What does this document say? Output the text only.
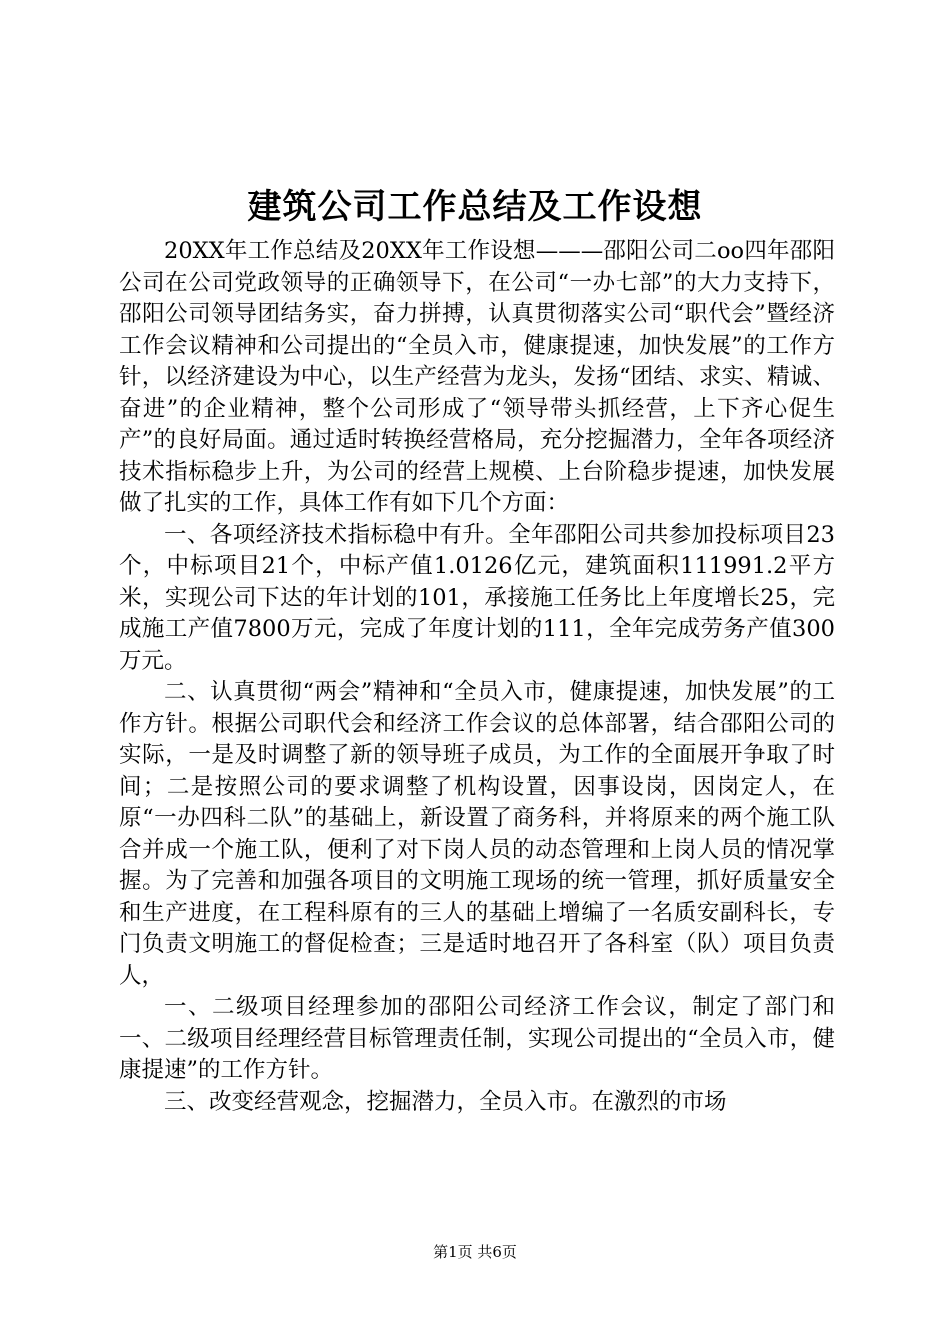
建筑公司工作总结及工作设想

20XX年工作总结及20XX年工作设想———邵阳公司二oo四年邵阳公司在公司党政领导的正确领导下，在公司“一办七部”的大力支持下，邵阳公司领导团结务实，奋力拼搏，认真贯彻落实公司“职代会”暨经济工作会议精神和公司提出的“全员入市，健康提速，加快发展”的工作方针，以经济建设为中心，以生产经营为龙头，发扬“团结、求实、精诚、奋进”的企业精神，整个公司形成了“领导带头抓经营，上下齐心促生产”的良好局面。通过适时转换经营格局，充分挖掘潜力，全年各项经济技术指标稳步上升，为公司的经营上规模、上台阶稳步提速，加快发展做了扎实的工作，具体工作有如下几个方面：

一、各项经济技术指标稳中有升。全年邵阳公司共参加投标项目23个，中标项目21个，中标产值1.0126亿元，建筑面积111991.2平方米，实现公司下达的年计划的101，承接施工任务比上年度增长25，完成施工产值7800万元，完成了年度计划的111，全年完成劳务产值300万元。

二、认真贯彻“两会”精神和“全员入市，健康提速，加快发展”的工作方针。根据公司职代会和经济工作会议的总体部署，结合邵阳公司的实际，一是及时调整了新的领导班子成员，为工作的全面展开争取了时间；二是按照公司的要求调整了机构设置，因事设岗，因岗定人，在原“一办四科二队”的基础上，新设置了商务科，并将原来的两个施工队合并成一个施工队，便利了对下岗人员的动态管理和上岗人员的情况掌握。为了完善和加强各项目的文明施工现场的统一管理，抓好质量安全和生产进度，在工程科原有的三人的基础上增编了一名质安副科长，专门负责文明施工的督促检查；三是适时地召开了各科室（队）项目负责人，

一、二级项目经理参加的邵阳公司经济工作会议，制定了部门和一、二级项目经理经营目标管理责任制，实现公司提出的“全员入市，健康提速”的工作方针。

三、改变经营观念，挖掘潜力，全员入市。在激烈的市场

第1页 共6页
